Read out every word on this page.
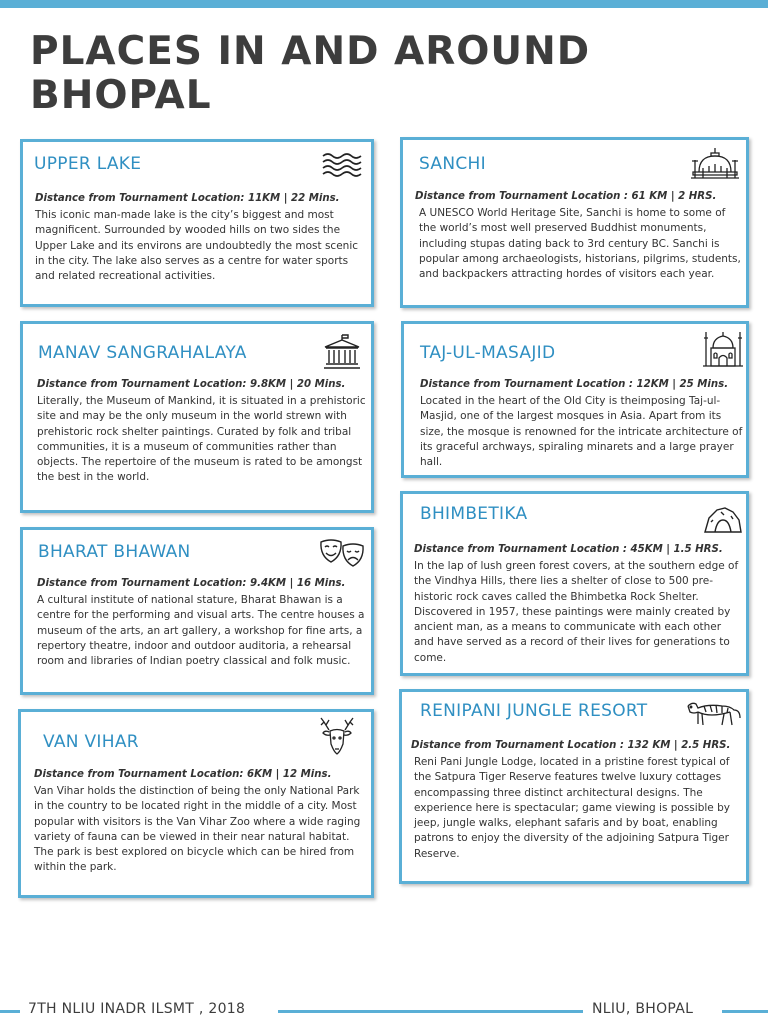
PLACES IN AND AROUND BHOPAL
UPPER LAKE
Distance from Tournament Location: 11KM | 22 Mins.

This iconic man-made lake is the city’s biggest and most magnificent. Surrounded by wooded hills on two sides the Upper Lake and its environs are undoubtedly the most scenic in the city. The lake also serves as a centre for water sports and related recreational activities.

SANCHI
Distance from Tournament Location : 61 KM | 2 HRS.

A UNESCO World Heritage Site, Sanchi is home to some of the world’s most well preserved Buddhist monuments, including stupas dating back to 3rd century BC. Sanchi is popular among archaeologists, historians, pilgrims, students, and backpackers attracting hordes of visitors each year.

MANAV SANGRAHALAYA
Distance from Tournament Location: 9.8KM | 20 Mins.

Literally, the Museum of Mankind, it is situated in a prehistoric site and may be the only museum in the world strewn with prehistoric rock shelter paintings. Curated by folk and tribal communities, it is a museum of communities rather than objects. The repertoire of the museum is rated to be amongst the best in the world.

TAJ-UL-MASAJID
Distance from Tournament Location : 12KM | 25 Mins.

Located in the heart of the Old City is theimposing Taj-ul-Masjid, one of the largest mosques in Asia. Apart from its size, the mosque is renowned for the intricate architecture of its graceful archways, spiraling minarets and a large prayer hall.

BHARAT BHAWAN
Distance from Tournament Location: 9.4KM | 16 Mins.

A cultural institute of national stature, Bharat Bhawan is a centre for the performing and visual arts. The centre houses a museum of the arts, an art gallery, a workshop for fine arts, a repertory theatre, indoor and outdoor auditoria, a rehearsal room and libraries of Indian poetry classical and folk music.

BHIMBETIKA
Distance from Tournament Location : 45KM | 1.5 HRS.

In the lap of lush green forest covers, at the southern edge of the Vindhya Hills, there lies a shelter of close to 500 pre-historic rock caves called the Bhimbetka Rock Shelter. Discovered in 1957, these paintings were mainly created by ancient man, as a means to communicate with each other and have served as a record of their lives for generations to come.

VAN VIHAR
Distance from Tournament Location: 6KM | 12 Mins.

Van Vihar holds the distinction of being the only National Park in the country to be located right in the middle of a city. Most popular with visitors is the Van Vihar Zoo where a wide raging variety of fauna can be viewed in their near natural habitat. The park is best explored on bicycle which can be hired from within the park.

RENIPANI JUNGLE RESORT
Distance from Tournament Location : 132 KM | 2.5 HRS.

Reni Pani Jungle Lodge, located in a pristine forest typical of the Satpura Tiger Reserve features twelve luxury cottages encompassing three distinct architectural designs. The experience here is spectacular; game viewing is possible by jeep, jungle walks, elephant safaris and by boat, enabling patrons to enjoy the diversity of the adjoining Satpura Tiger Reserve.

7TH NLIU INADR ILSMT , 2018	NLIU, BHOPAL
